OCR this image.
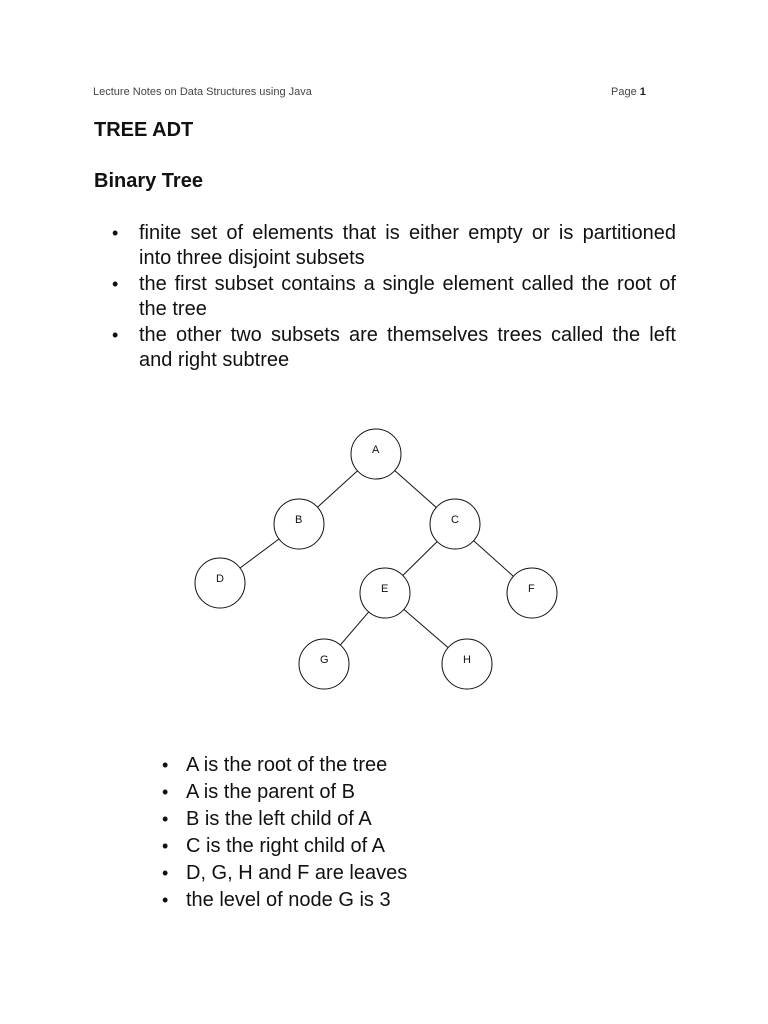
Lecture Notes on Data Structures using Java	Page 1
TREE ADT
Binary Tree
• finite set of elements that is either empty or is partitioned into three disjoint subsets
• the first subset contains a single element called the root of the tree
• the other two subsets are themselves trees called the left and right subtree
A
B	C
D
E	F
G	H
• A is the root of the tree
• A is the parent of B
• B is the left child of A
• C is the right child of A
• D, G, H and F are leaves
• the level of node G is 3
